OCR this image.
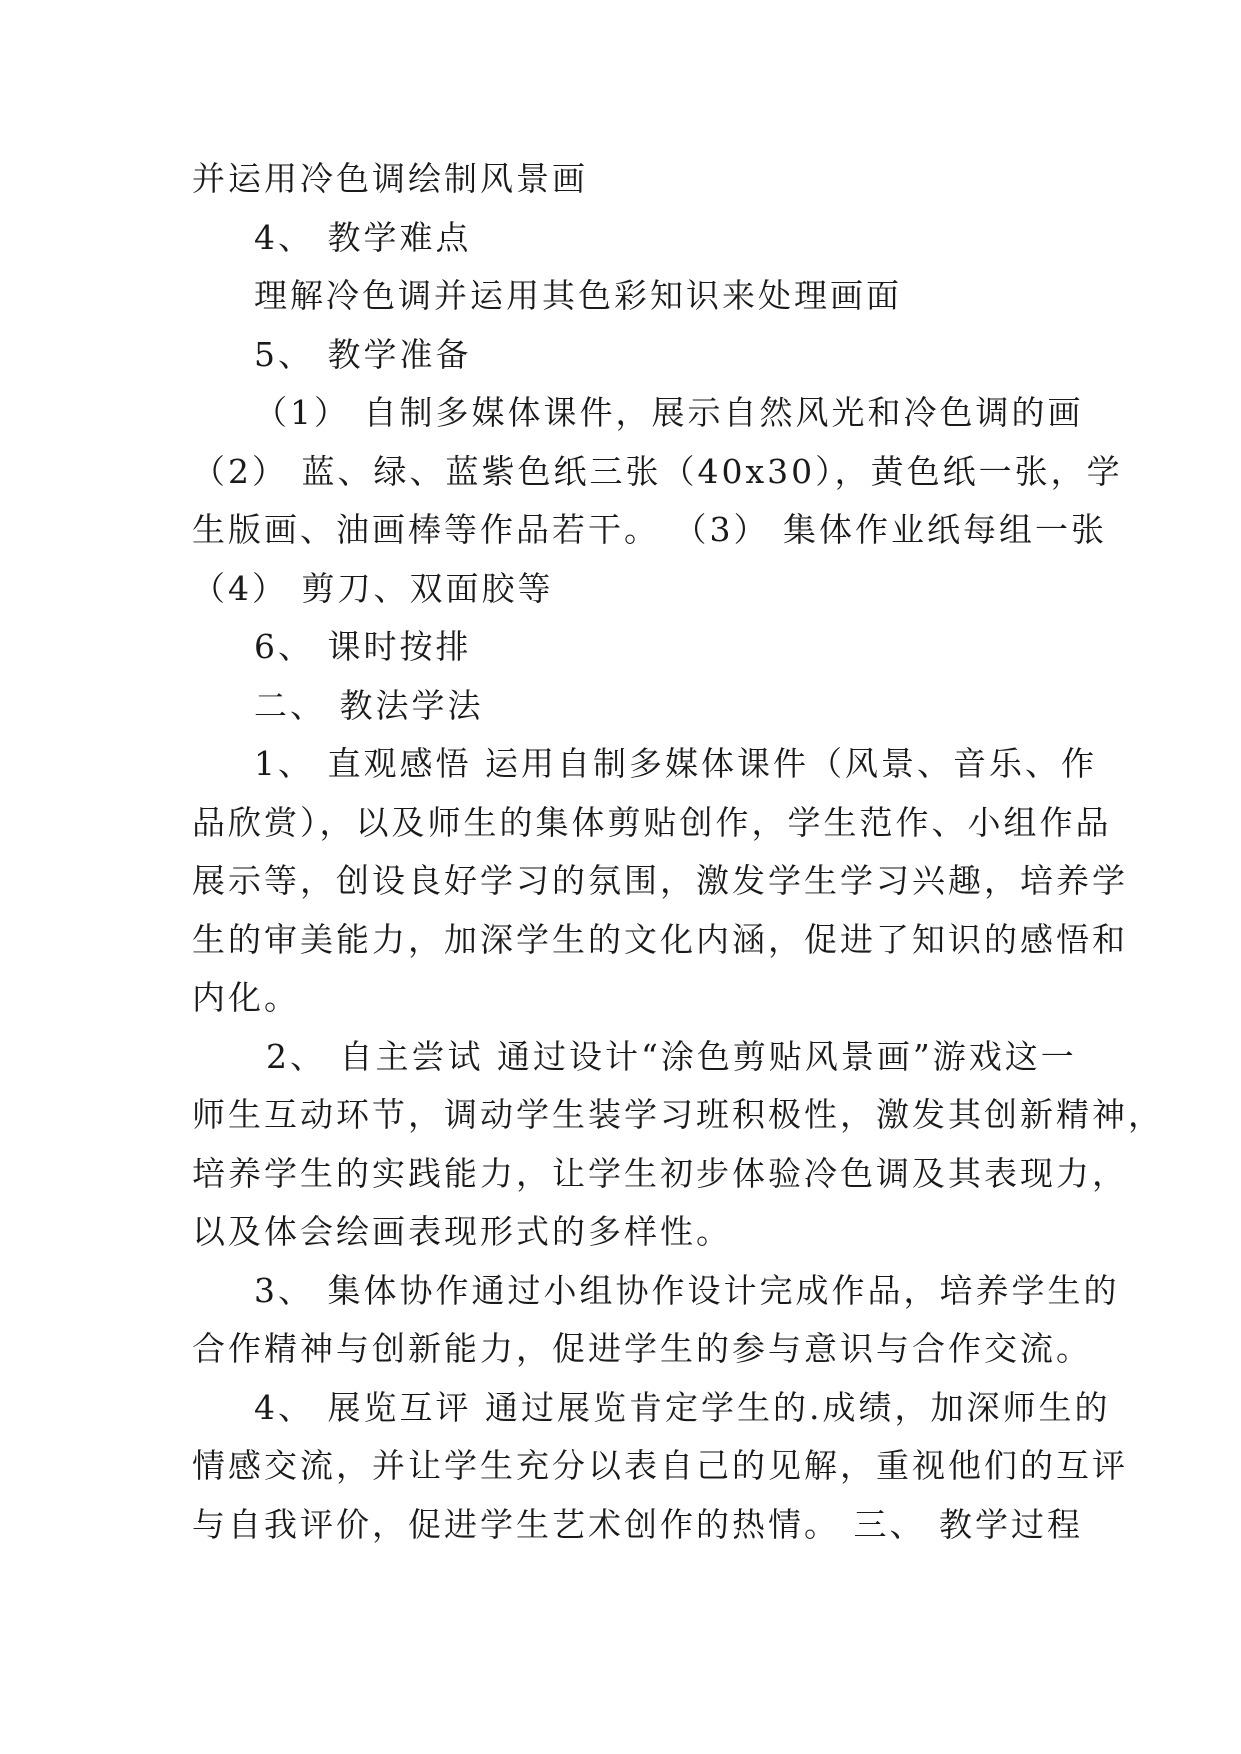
并运用冷色调绘制风景画
4、 教学难点
理解冷色调并运用其色彩知识来处理画面
5、 教学准备
（1） 自制多媒体课件，展示自然风光和冷色调的画
（2） 蓝、绿、蓝紫色纸三张（40x30），黄色纸一张，学
生版画、油画棒等作品若干。 （3） 集体作业纸每组一张
（4） 剪刀、双面胶等
6、 课时按排
二、 教法学法
1、 直观感悟 运用自制多媒体课件（风景、音乐、作
品欣赏），以及师生的集体剪贴创作，学生范作、小组作品
展示等，创设良好学习的氛围，激发学生学习兴趣，培养学
生的审美能力，加深学生的文化内涵，促进了知识的感悟和
内化。
2、 自主尝试 通过设计“涂色剪贴风景画”游戏这一
师生互动环节，调动学生装学习班积极性，激发其创新精神，
培养学生的实践能力，让学生初步体验冷色调及其表现力，
以及体会绘画表现形式的多样性。
3、 集体协作通过小组协作设计完成作品，培养学生的
合作精神与创新能力，促进学生的参与意识与合作交流。
4、 展览互评 通过展览肯定学生的.成绩，加深师生的
情感交流，并让学生充分以表自己的见解，重视他们的互评
与自我评价，促进学生艺术创作的热情。 三、 教学过程
